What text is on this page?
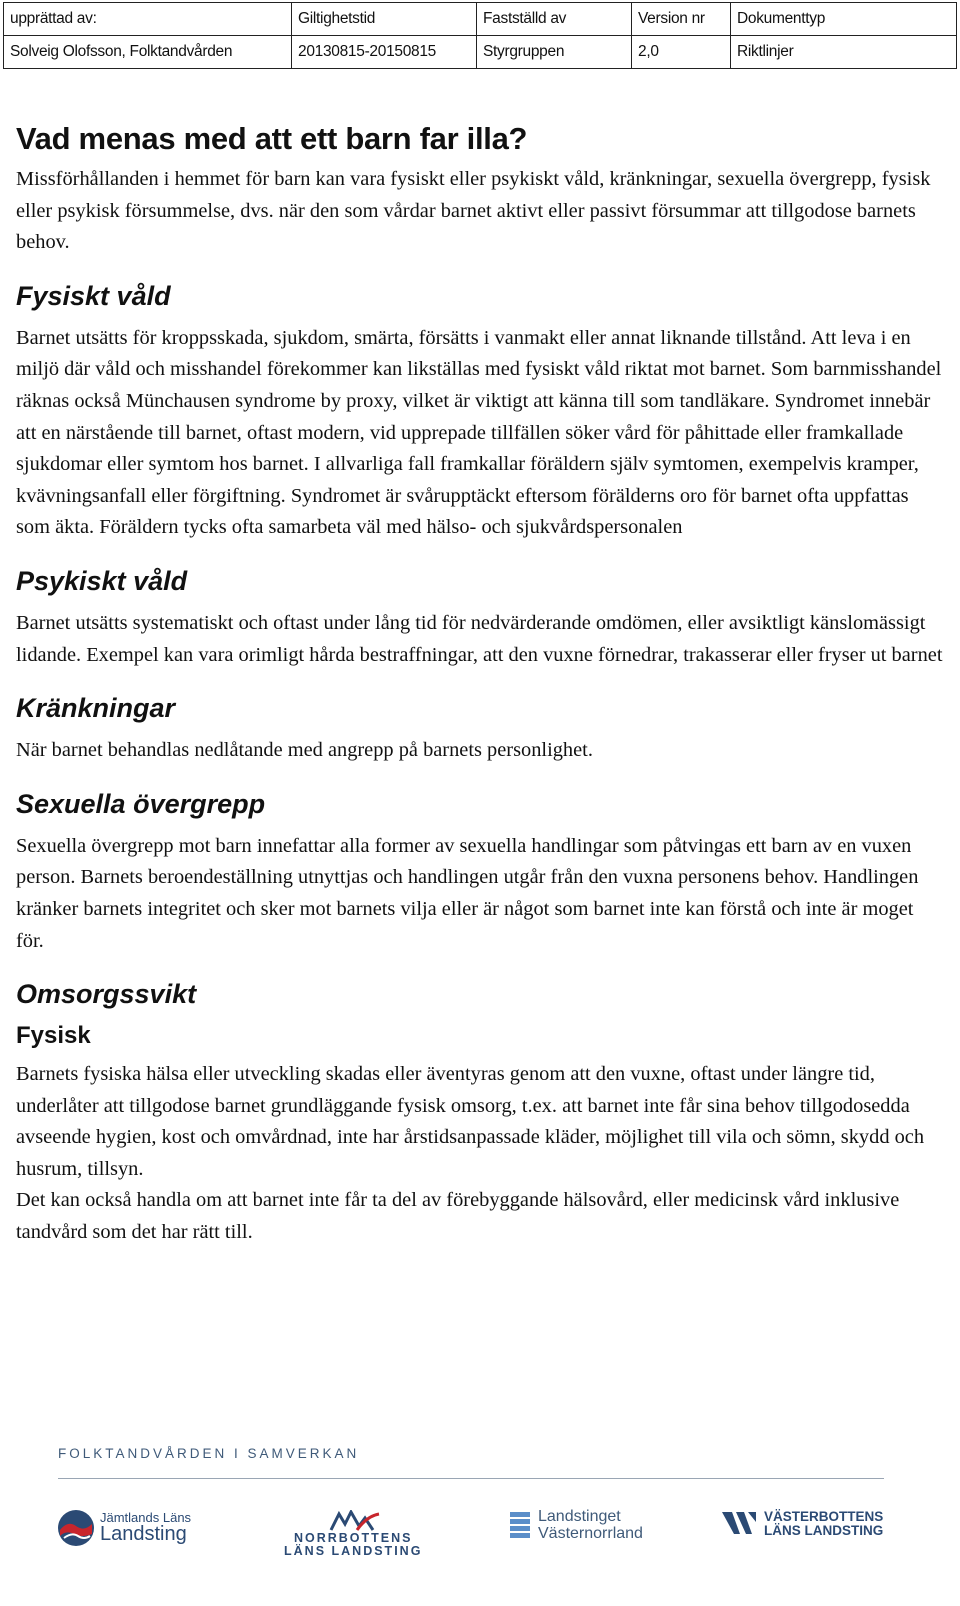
upprättad av:	Giltighetstid	Fastställd av	Version nr	Dokumenttyp
Solveig Olofsson, Folktandvården	20130815-20150815	Styrgruppen	2,0	Riktlinjer
Vad menas med att ett barn far illa?

Missförhållanden i hemmet för barn kan vara fysiskt eller psykiskt våld, kränkningar, sexuella övergrepp, fysisk eller psykisk försummelse, dvs. när den som vårdar barnet aktivt eller passivt försummar att tillgodose barnets behov.

Fysiskt våld

Barnet utsätts för kroppsskada, sjukdom, smärta, försätts i vanmakt eller annat liknande tillstånd. Att leva i en miljö där våld och misshandel förekommer kan likställas med fysiskt våld riktat mot barnet. Som barnmisshandel räknas också Münchausen syndrome by proxy, vilket är viktigt att känna till som tandläkare. Syndromet innebär att en närstående till barnet, oftast modern, vid upprepade tillfällen söker vård för påhittade eller framkallade sjukdomar eller symtom hos barnet. I allvarliga fall framkallar föräldern själv symtomen, exempelvis kramper, kvävningsanfall eller förgiftning. Syndromet är svårupptäckt eftersom förälderns oro för barnet ofta uppfattas som äkta. Föräldern tycks ofta samarbeta väl med hälso- och sjukvårdspersonalen

Psykiskt våld

Barnet utsätts systematiskt och oftast under lång tid för nedvärderande omdömen, eller avsiktligt känslomässigt lidande. Exempel kan vara orimligt hårda bestraffningar, att den vuxne förnedrar, trakasserar eller fryser ut barnet

Kränkningar

När barnet behandlas nedlåtande med angrepp på barnets personlighet.

Sexuella övergrepp

Sexuella övergrepp mot barn innefattar alla former av sexuella handlingar som påtvingas ett barn av en vuxen person. Barnets beroendeställning utnyttjas och handlingen utgår från den vuxna personens behov. Handlingen kränker barnets integritet och sker mot barnets vilja eller är något som barnet inte kan förstå och inte är moget för.

Omsorgssvikt
Fysisk

Barnets fysiska hälsa eller utveckling skadas eller äventyras genom att den vuxne, oftast under längre tid, underlåter att tillgodose barnet grundläggande fysisk omsorg, t.ex. att barnet inte får sina behov tillgodosedda avseende hygien, kost och omvårdnad, inte har årstidsanpassade kläder, möjlighet till vila och sömn, skydd och husrum, tillsyn.

Det kan också handla om att barnet inte får ta del av förebyggande hälsovård, eller medicinsk vård inklusive tandvård som det har rätt till.

FOLKTANDVÅRDEN I SAMVERKAN
Jämtlands Läns
Landsting	NORRBOTTENS
LÄNS LANDSTING
Landstinget
Västernorrland
VÄSTERBOTTENS
LÄNS LANDSTING
